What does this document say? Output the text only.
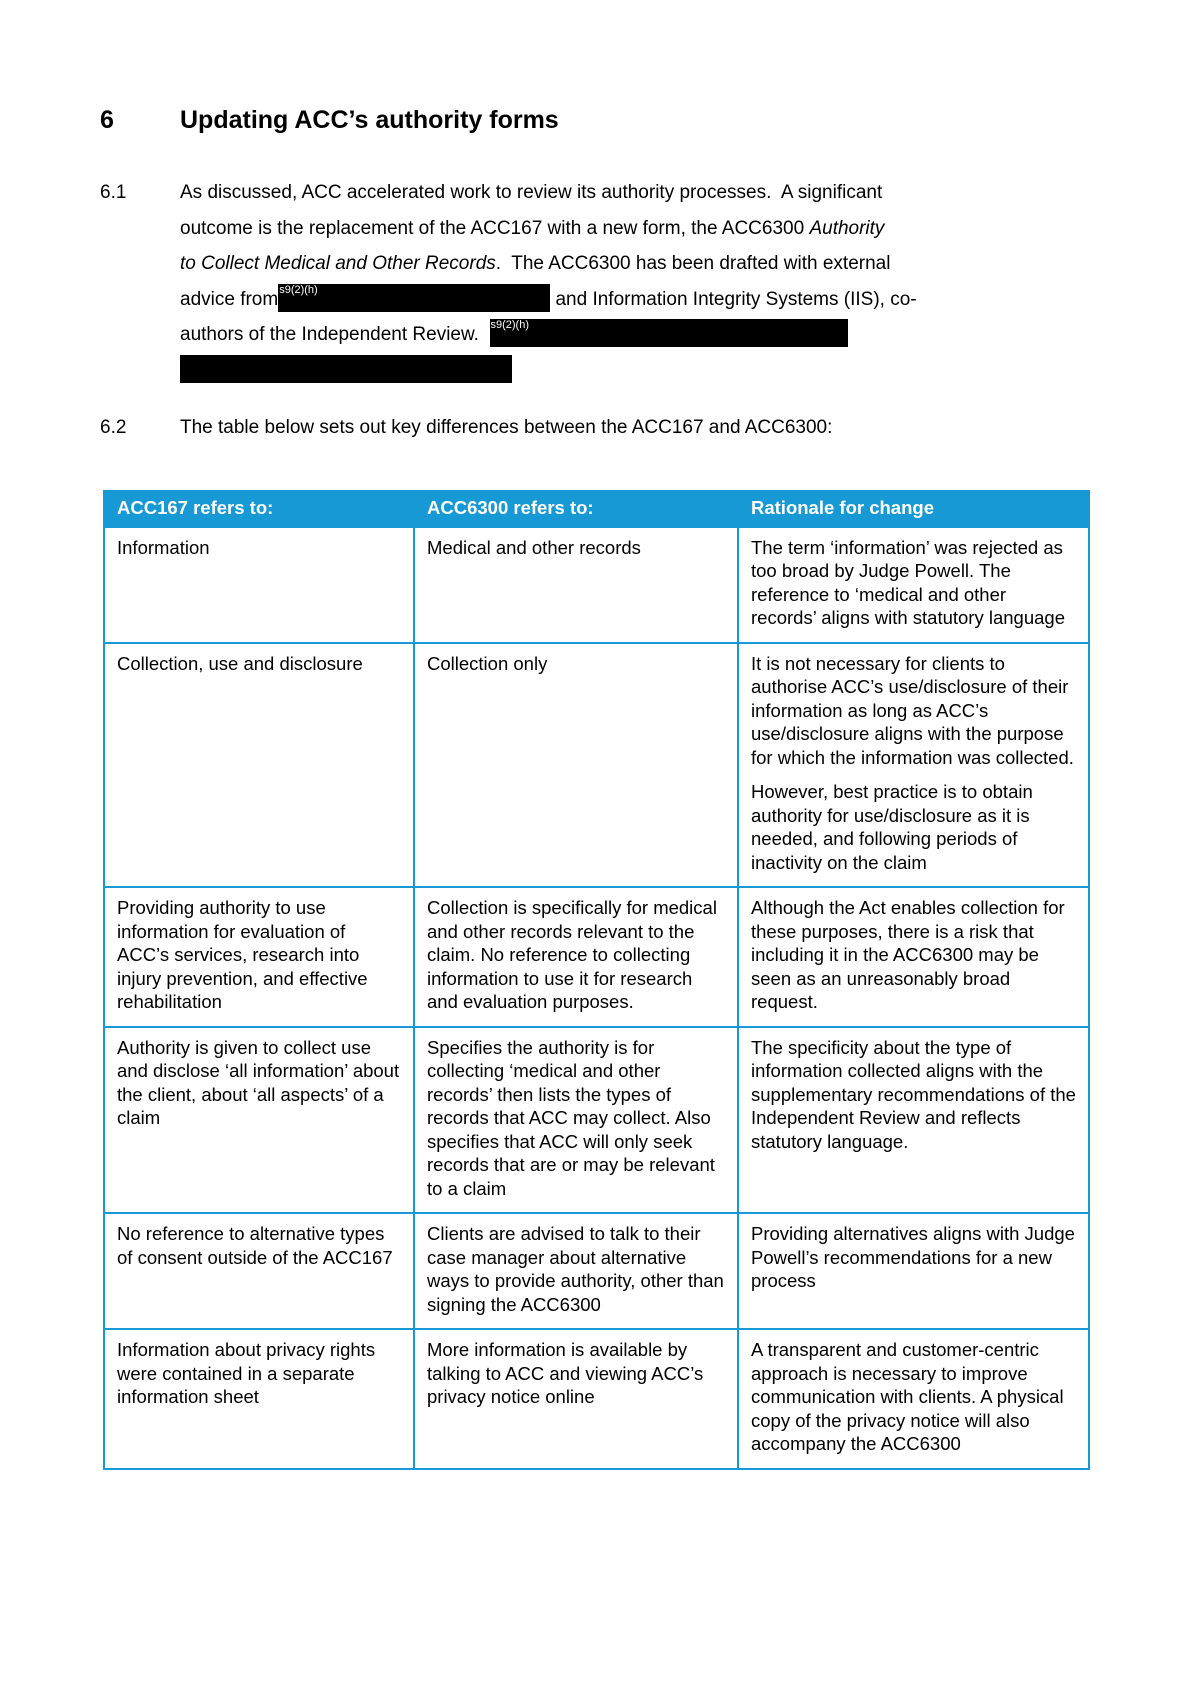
6	Updating ACC’s authority forms
6.1	As discussed, ACC accelerated work to review its authority processes.  A significant
outcome is the replacement of the ACC167 with a new form, the ACC6300 Authority
to Collect Medical and Other Records.  The ACC6300 has been drafted with external
advice from s9(2)(h)	and Information Integrity Systems (IIS), co-
authors of the Independent Review. s9(2)(h)
6.2	The table below sets out key differences between the ACC167 and ACC6300:
ACC167 refers to:	ACC6300 refers to:	Rationale for change

Information	Medical and other records	The term ‘information’ was rejected as too broad by Judge Powell. The reference to ‘medical and other records’ aligns with statutory language

Collection, use and disclosure	Collection only	It is not necessary for clients to authorise ACC’s use/disclosure of their information as long as ACC’s use/disclosure aligns with the purpose for which the information was collected.

However, best practice is to obtain authority for use/disclosure as it is needed, and following periods of inactivity on the claim

Providing authority to use information for evaluation of ACC’s services, research into injury prevention, and effective rehabilitation	Collection is specifically for medical and other records relevant to the claim. No reference to collecting information to use it for research and evaluation purposes.	Although the Act enables collection for these purposes, there is a risk that including it in the ACC6300 may be seen as an unreasonably broad request.

Authority is given to collect use and disclose ‘all information’ about the client, about ‘all aspects’ of a claim	Specifies the authority is for collecting ‘medical and other records’ then lists the types of records that ACC may collect. Also specifies that ACC will only seek records that are or may be relevant to a claim	The specificity about the type of information collected aligns with the supplementary recommendations of the Independent Review and reflects statutory language.

No reference to alternative types of consent outside of the ACC167	Clients are advised to talk to their case manager about alternative ways to provide authority, other than signing the ACC6300	Providing alternatives aligns with Judge Powell’s recommendations for a new process

Information about privacy rights were contained in a separate information sheet	More information is available by talking to ACC and viewing ACC’s privacy notice online	A transparent and customer-centric approach is necessary to improve communication with clients. A physical copy of the privacy notice will also accompany the ACC6300
